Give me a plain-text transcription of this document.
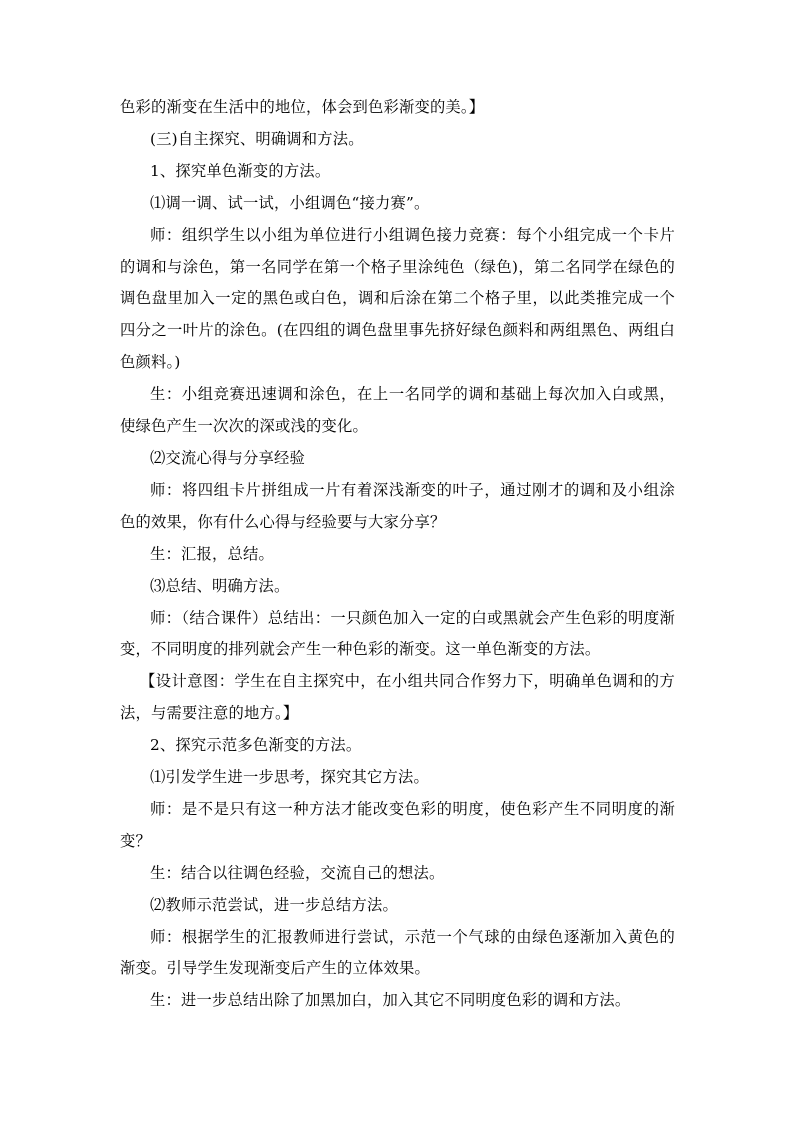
色彩的渐变在生活中的地位，体会到色彩渐变的美。】

(三)自主探究、明确调和方法。

1、探究单色渐变的方法。

⑴调一调、试一试，小组调色“接力赛”。

师：组织学生以小组为单位进行小组调色接力竞赛：每个小组完成一个卡片的调和与涂色，第一名同学在第一个格子里涂纯色（绿色)，第二名同学在绿色的调色盘里加入一定的黑色或白色，调和后涂在第二个格子里，以此类推完成一个四分之一叶片的涂色。(在四组的调色盘里事先挤好绿色颜料和两组黑色、两组白色颜料。)

生：小组竞赛迅速调和涂色，在上一名同学的调和基础上每次加入白或黑，使绿色产生一次次的深或浅的变化。

⑵交流心得与分享经验

师：将四组卡片拼组成一片有着深浅渐变的叶子，通过刚才的调和及小组涂色的效果，你有什么心得与经验要与大家分享？

生：汇报，总结。

⑶总结、明确方法。

师：（结合课件）总结出：一只颜色加入一定的白或黑就会产生色彩的明度渐变，不同明度的排列就会产生一种色彩的渐变。这一单色渐变的方法。

【设计意图：学生在自主探究中，在小组共同合作努力下，明确单色调和的方法，与需要注意的地方。】

2、探究示范多色渐变的方法。

⑴引发学生进一步思考，探究其它方法。

师：是不是只有这一种方法才能改变色彩的明度，使色彩产生不同明度的渐变？

生：结合以往调色经验，交流自己的想法。

⑵教师示范尝试，进一步总结方法。

师：根据学生的汇报教师进行尝试，示范一个气球的由绿色逐渐加入黄色的渐变。引导学生发现渐变后产生的立体效果。

生：进一步总结出除了加黑加白，加入其它不同明度色彩的调和方法。
